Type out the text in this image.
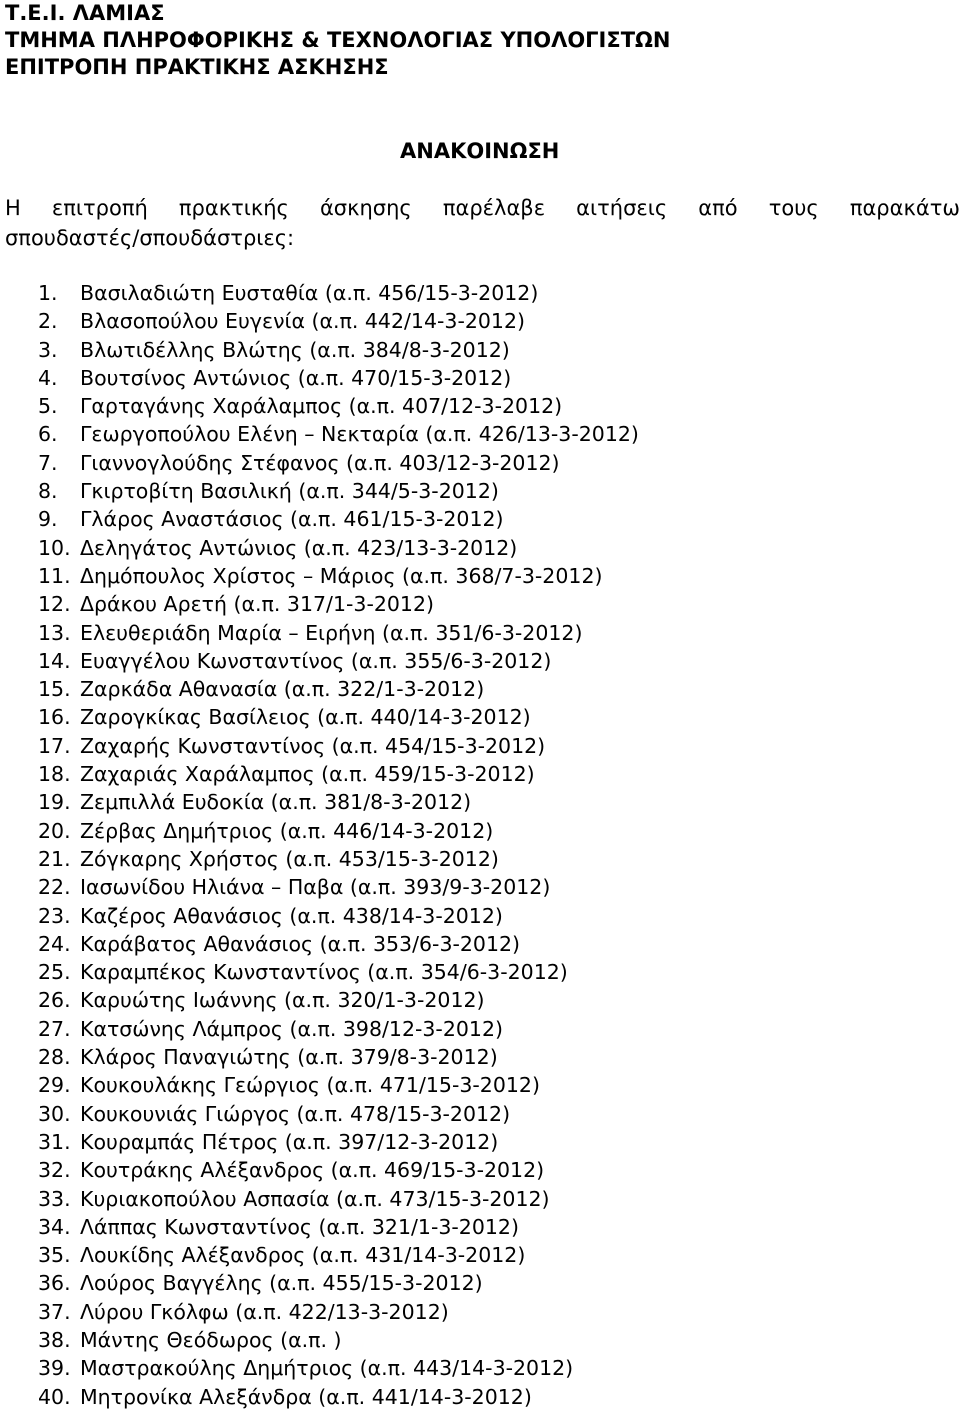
Τ.Ε.Ι. ΛΑΜΙΑΣ
ΤΜΗΜΑ ΠΛΗΡΟΦΟΡΙΚΗΣ & ΤΕΧΝΟΛΟΓΙΑΣ ΥΠΟΛΟΓΙΣΤΩΝ
ΕΠΙΤΡΟΠΗ ΠΡΑΚΤΙΚΗΣ ΑΣΚΗΣΗΣ
ΑΝΑΚΟΙΝΩΣΗ
Η επιτροπή πρακτικής άσκησης παρέλαβε αιτήσεις από τους παρακάτω
σπουδαστές/σπουδάστριες:
1. Βασιλαδιώτη Ευσταθία (α.π. 456/15-3-2012)
2. Βλασοπούλου Ευγενία (α.π. 442/14-3-2012)
3. Βλωτιδέλλης Βλώτης (α.π. 384/8-3-2012)
4. Βουτσίνος Αντώνιος (α.π. 470/15-3-2012)
5. Γαρταγάνης Χαράλαμπος (α.π. 407/12-3-2012)
6. Γεωργοπούλου Ελένη – Νεκταρία (α.π. 426/13-3-2012)
7. Γιαννογλούδης Στέφανος (α.π. 403/12-3-2012)
8. Γκιρτοβίτη Βασιλική (α.π. 344/5-3-2012)
9. Γλάρος Αναστάσιος (α.π. 461/15-3-2012)
10. Δεληγάτος Αντώνιος (α.π. 423/13-3-2012)
11. Δημόπουλος Χρίστος – Μάριος (α.π. 368/7-3-2012)
12. Δράκου Αρετή (α.π. 317/1-3-2012)
13. Ελευθεριάδη Μαρία – Ειρήνη (α.π. 351/6-3-2012)
14. Ευαγγέλου Κωνσταντίνος (α.π. 355/6-3-2012)
15. Ζαρκάδα Αθανασία (α.π. 322/1-3-2012)
16. Ζαρογκίκας Βασίλειος (α.π. 440/14-3-2012)
17. Ζαχαρής Κωνσταντίνος (α.π. 454/15-3-2012)
18. Ζαχαριάς Χαράλαμπος (α.π. 459/15-3-2012)
19. Ζεμπιλλά Ευδοκία (α.π. 381/8-3-2012)
20. Ζέρβας Δημήτριος (α.π. 446/14-3-2012)
21. Ζόγκαρης Χρήστος (α.π. 453/15-3-2012)
22. Ιασωνίδου Ηλιάνα – Παβα (α.π. 393/9-3-2012)
23. Καζέρος Αθανάσιος (α.π. 438/14-3-2012)
24. Καράβατος Αθανάσιος (α.π. 353/6-3-2012)
25. Καραμπέκος Κωνσταντίνος (α.π. 354/6-3-2012)
26. Καρυώτης Ιωάννης (α.π. 320/1-3-2012)
27. Κατσώνης Λάμπρος (α.π. 398/12-3-2012)
28. Κλάρος Παναγιώτης (α.π. 379/8-3-2012)
29. Κουκουλάκης Γεώργιος (α.π. 471/15-3-2012)
30. Κουκουνιάς Γιώργος (α.π. 478/15-3-2012)
31. Κουραμπάς Πέτρος (α.π. 397/12-3-2012)
32. Κουτράκης Αλέξανδρος (α.π. 469/15-3-2012)
33. Κυριακοπούλου Ασπασία (α.π. 473/15-3-2012)
34. Λάππας Κωνσταντίνος (α.π. 321/1-3-2012)
35. Λουκίδης Αλέξανδρος (α.π. 431/14-3-2012)
36. Λούρος Βαγγέλης (α.π. 455/15-3-2012)
37. Λύρου Γκόλφω (α.π. 422/13-3-2012)
38. Μάντης Θεόδωρος (α.π. )
39. Μαστρακούλης Δημήτριος (α.π. 443/14-3-2012)
40. Μητρονίκα Αλεξάνδρα (α.π. 441/14-3-2012)
